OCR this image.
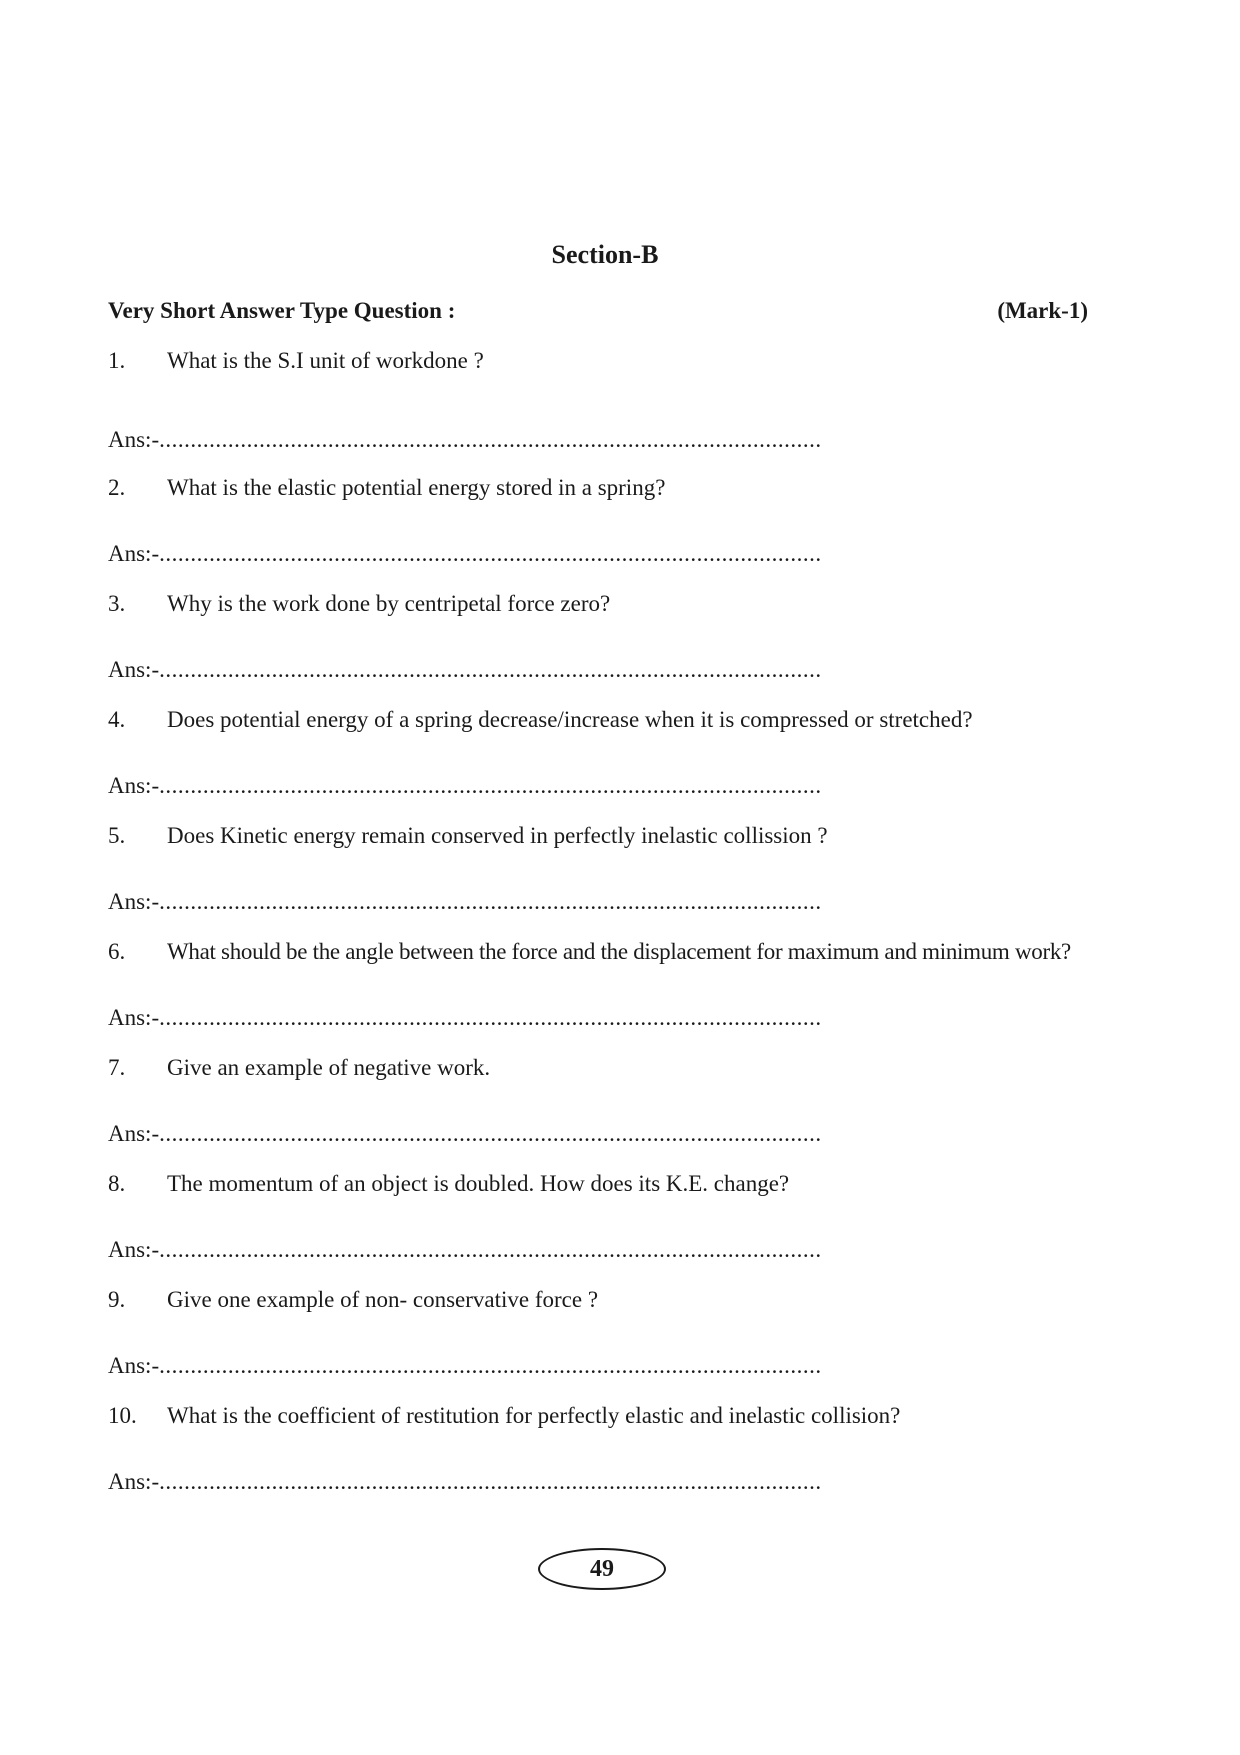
Section-B
Very Short Answer Type Question :	(Mark-1)
1. What is the S.I unit of workdone ?
Ans:-..........................................................................................................
2. What is the elastic potential energy stored in a spring?
Ans:-..........................................................................................................
3. Why is the work done by centripetal force zero?
Ans:-..........................................................................................................
4. Does potential energy of a spring decrease/increase when it is compressed or stretched?
Ans:-..........................................................................................................
5. Does Kinetic energy remain conserved in perfectly inelastic collission ?
Ans:-..........................................................................................................
6. What should be the angle between the force and the displacement for maximum and minimum work?
Ans:-..........................................................................................................
7. Give an example of negative work.
Ans:-..........................................................................................................
8. The momentum of an object is doubled. How does its K.E. change?
Ans:-..........................................................................................................
9. Give one example of non- conservative force ?
Ans:-..........................................................................................................
10. What is the coefficient of restitution for perfectly elastic and inelastic collision?
Ans:-..........................................................................................................
49
